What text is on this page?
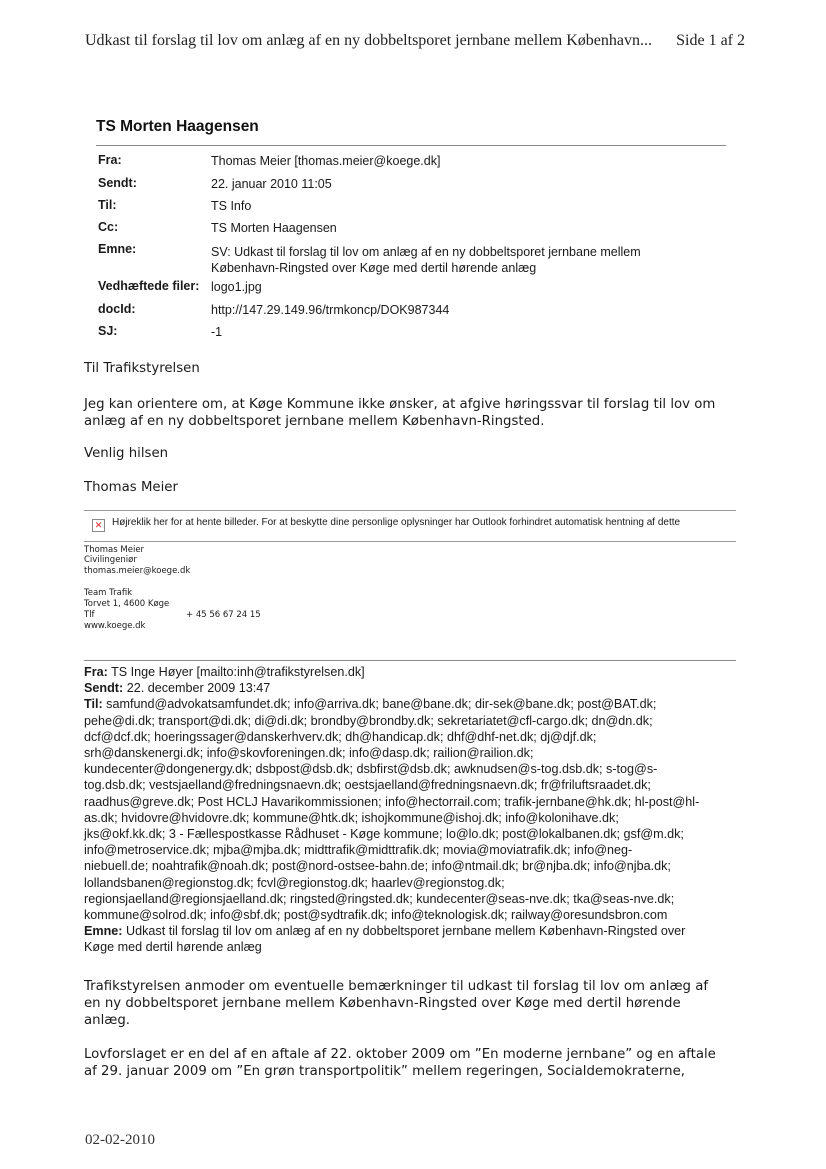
Udkast til forslag til lov om anlæg af en ny dobbeltsporet jernbane mellem København... Side 1 af 2
TS Morten Haagensen
Fra:	Thomas Meier [thomas.meier@koege.dk]
Sendt:	22. januar 2010 11:05
Til:	TS Info
Cc:	TS Morten Haagensen
Emne:	SV: Udkast til forslag til lov om anlæg af en ny dobbeltsporet jernbane mellem
København-Ringsted over Køge med dertil hørende anlæg
Vedhæftede filer: logo1.jpg
docId:	http://147.29.149.96/trmkoncp/DOK987344
SJ:	-1
Til Trafikstyrelsen
Jeg kan orientere om, at Køge Kommune ikke ønsker, at afgive høringssvar til forslag til lov om
anlæg af en ny dobbeltsporet jernbane mellem København-Ringsted.
Venlig hilsen
Thomas Meier
✕ Højreklik her for at hente billeder. For at beskytte dine personlige oplysninger har Outlook forhindret automatisk hentning af dette
Thomas Meier
Civilingeniør
thomas.meier@koege.dk
Team Trafik
Torvet 1, 4600 Køge
Tlf	+ 45 56 67 24 15
www.koege.dk
Fra: TS Inge Høyer [mailto:inh@trafikstyrelsen.dk]
Sendt: 22. december 2009 13:47
Til: samfund@advokatsamfundet.dk; info@arriva.dk; bane@bane.dk; dir-sek@bane.dk; post@BAT.dk;
pehe@di.dk; transport@di.dk; di@di.dk; brondby@brondby.dk; sekretariatet@cfl-cargo.dk; dn@dn.dk;
dcf@dcf.dk; hoeringssager@danskerhverv.dk; dh@handicap.dk; dhf@dhf-net.dk; dj@djf.dk;
srh@danskenergi.dk; info@skovforeningen.dk; info@dasp.dk; railion@railion.dk;
kundecenter@dongenergy.dk; dsbpost@dsb.dk; dsbfirst@dsb.dk; awknudsen@s-tog.dsb.dk; s-tog@s-
tog.dsb.dk; vestsjaelland@fredningsnaevn.dk; oestsjaelland@fredningsnaevn.dk; fr@friluftsraadet.dk;
raadhus@greve.dk; Post HCLJ Havarikommissionen; info@hectorrail.com; trafik-jernbane@hk.dk; hl-post@hl-
as.dk; hvidovre@hvidovre.dk; kommune@htk.dk; ishojkommune@ishoj.dk; info@kolonihave.dk;
jks@okf.kk.dk; 3 - Fællespostkasse Rådhuset - Køge kommune; lo@lo.dk; post@lokalbanen.dk; gsf@m.dk;
info@metroservice.dk; mjba@mjba.dk; midttrafik@midttrafik.dk; movia@moviatrafik.dk; info@neg-
niebuell.de; noahtrafik@noah.dk; post@nord-ostsee-bahn.de; info@ntmail.dk; br@njba.dk; info@njba.dk;
lollandsbanen@regionstog.dk; fcvl@regionstog.dk; haarlev@regionstog.dk;
regionsjaelland@regionsjaelland.dk; ringsted@ringsted.dk; kundecenter@seas-nve.dk; tka@seas-nve.dk;
kommune@solrod.dk; info@sbf.dk; post@sydtrafik.dk; info@teknologisk.dk; railway@oresundsbron.com
Emne: Udkast til forslag til lov om anlæg af en ny dobbeltsporet jernbane mellem København-Ringsted over
Køge med dertil hørende anlæg
Trafikstyrelsen anmoder om eventuelle bemærkninger til udkast til forslag til lov om anlæg af
en ny dobbeltsporet jernbane mellem København-Ringsted over Køge med dertil hørende
anlæg.
Lovforslaget er en del af en aftale af 22. oktober 2009 om ”En moderne jernbane” og en aftale
af 29. januar 2009 om ”En grøn transportpolitik” mellem regeringen, Socialdemokraterne,
02-02-2010
